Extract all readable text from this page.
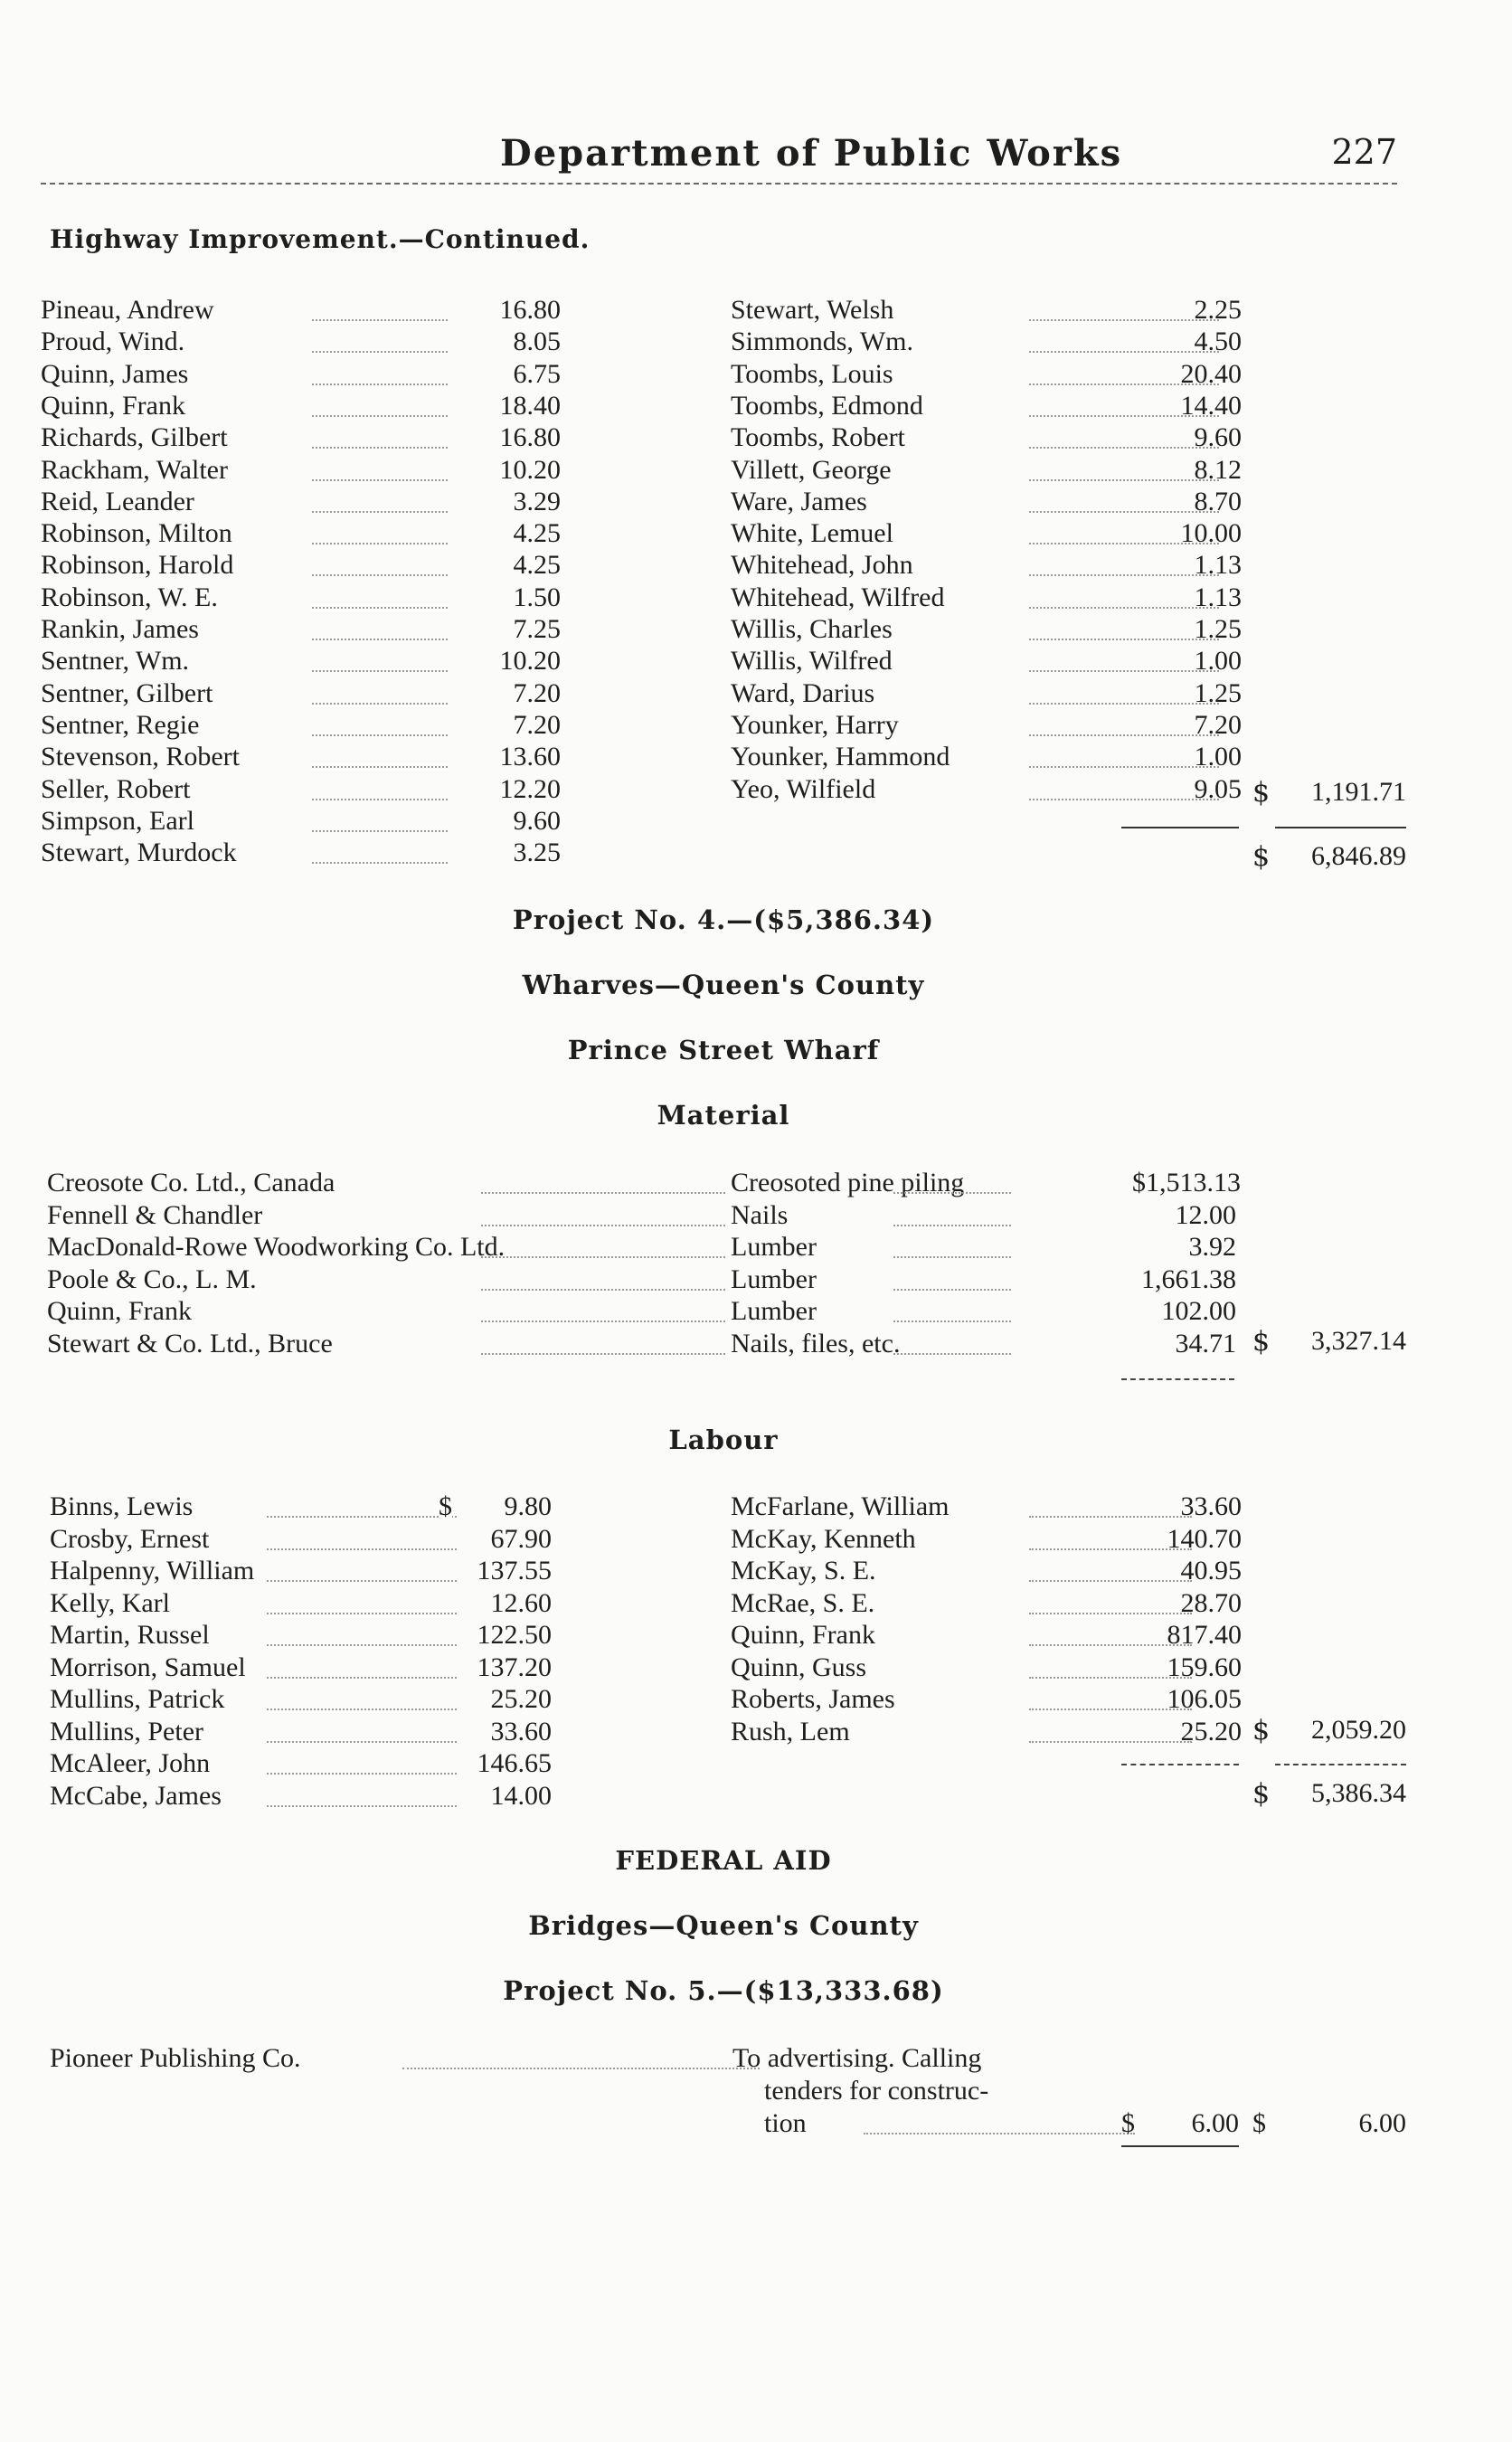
Department of Public Works	227
Highway Improvement.—Continued.
Pineau, Andrew	16.80
Proud, Wind.	8.05
Quinn, James	6.75
Quinn, Frank	18.40
Richards, Gilbert	16.80
Rackham, Walter	10.20
Reid, Leander	3.29
Robinson, Milton	4.25
Robinson, Harold	4.25
Robinson, W. E.	1.50
Rankin, James	7.25
Sentner, Wm.	10.20
Sentner, Gilbert	7.20
Sentner, Regie	7.20
Stevenson, Robert	13.60
Seller, Robert	12.20
Simpson, Earl	9.60
Stewart, Murdock	3.25
Stewart, Welsh	2.25
Simmonds, Wm.	4.50
Toombs, Louis	20.40
Toombs, Edmond	14.40
Toombs, Robert	9.60
Villett, George	8.12
Ware, James	8.70
White, Lemuel	10.00
Whitehead, John	1.13
Whitehead, Wilfred	1.13
Willis, Charles	1.25
Willis, Wilfred	1.00
Ward, Darius	1.25
Younker, Harry	7.20
Younker, Hammond	1.00
Yeo, Wilfield	9.05 $	1,191.71
$	6,846.89
Project No. 4.—($5,386.34)
Wharves—Queen's County
Prince Street Wharf
Material
Creosote Co. Ltd., Canada	Creosoted pine piling	$1,513.13
Fennell & Chandler	Nails	12.00
MacDonald-Rowe Woodworking Co. Ltd.	Lumber	3.92
Poole & Co., L. M.	Lumber	1,661.38
Quinn, Frank	Lumber	102.00
Stewart & Co. Ltd., Bruce	Nails, files, etc.	34.71 $	3,327.14
Labour
Binns, Lewis	$	9.80
Crosby, Ernest	67.90
Halpenny, William	137.55
Kelly, Karl	12.60
Martin, Russel	122.50
Morrison, Samuel	137.20
Mullins, Patrick	25.20
Mullins, Peter	33.60
McAleer, John	146.65
McCabe, James	14.00
McFarlane, William	33.60
McKay, Kenneth	140.70
McKay, S. E.	40.95
McRae, S. E.	28.70
Quinn, Frank	817.40
Quinn, Guss	159.60
Roberts, James	106.05
Rush, Lem	25.20 $	2,059.20
$	5,386.34
FEDERAL AID
Bridges—Queen's County
Project No. 5.—($13,333.68)
Pioneer Publishing Co.	To advertising. Calling
tenders for construc-
tion	$	6.00 $	6.00
